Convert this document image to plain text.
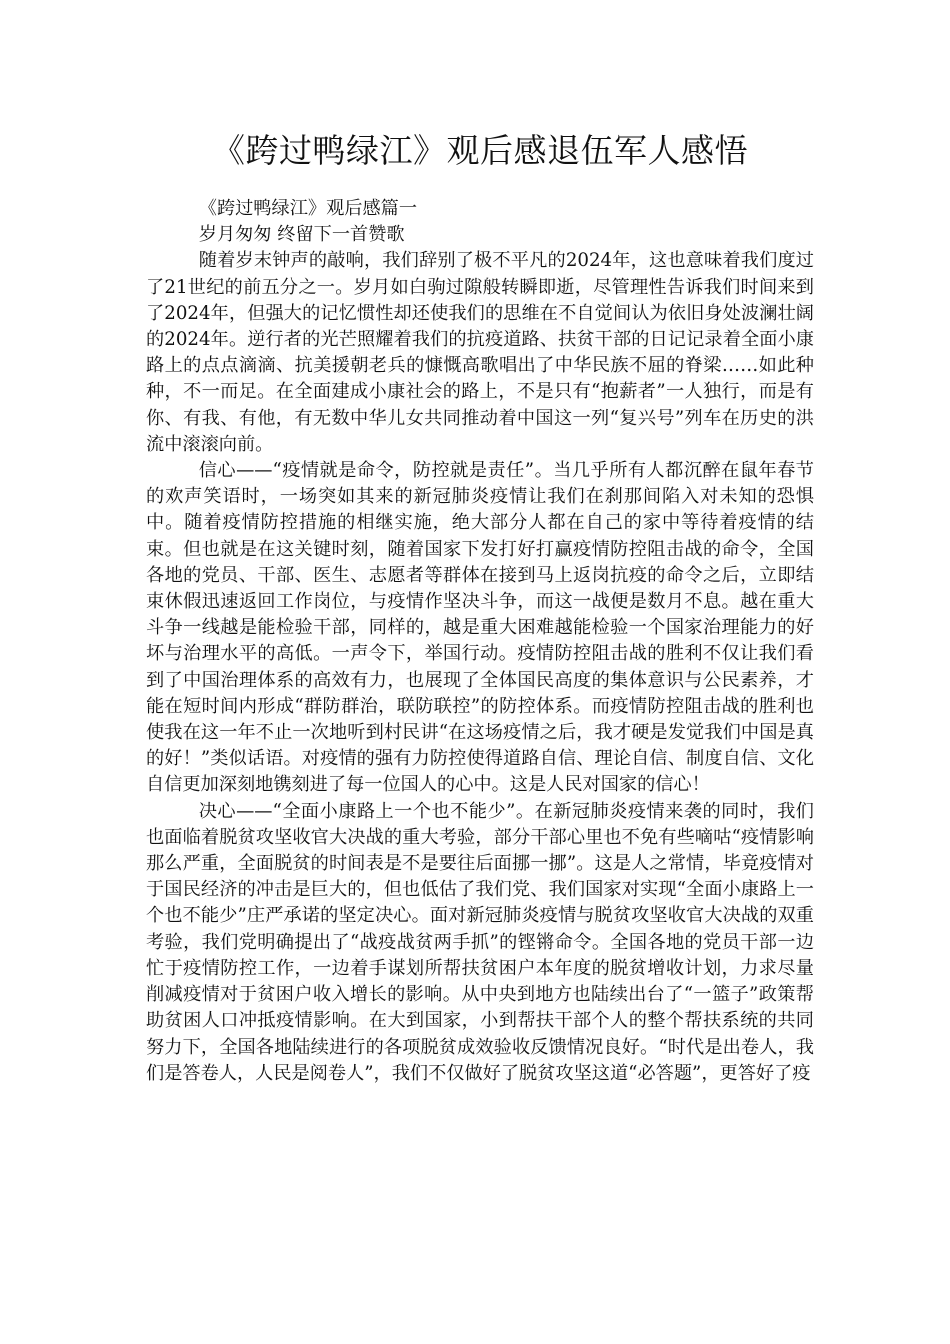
《跨过鸭绿江》观后感退伍军人感悟

《跨过鸭绿江》观后感篇一

岁月匆匆 终留下一首赞歌

随着岁末钟声的敲响，我们辞别了极不平凡的2024年，这也意味着我们度过了21世纪的前五分之一。岁月如白驹过隙般转瞬即逝，尽管理性告诉我们时间来到了2024年，但强大的记忆惯性却还使我们的思维在不自觉间认为依旧身处波澜壮阔的2024年。逆行者的光芒照耀着我们的抗疫道路、扶贫干部的日记记录着全面小康路上的点点滴滴、抗美援朝老兵的慷慨高歌唱出了中华民族不屈的脊梁……如此种种，不一而足。在全面建成小康社会的路上，不是只有“抱薪者”一人独行，而是有你、有我、有他，有无数中华儿女共同推动着中国这一列“复兴号”列车在历史的洪流中滚滚向前。

信心——“疫情就是命令，防控就是责任”。当几乎所有人都沉醉在鼠年春节的欢声笑语时，一场突如其来的新冠肺炎疫情让我们在刹那间陷入对未知的恐惧中。随着疫情防控措施的相继实施，绝大部分人都在自己的家中等待着疫情的结束。但也就是在这关键时刻，随着国家下发打好打赢疫情防控阻击战的命令，全国各地的党员、干部、医生、志愿者等群体在接到马上返岗抗疫的命令之后，立即结束休假迅速返回工作岗位，与疫情作坚决斗争，而这一战便是数月不息。越在重大斗争一线越是能检验干部，同样的，越是重大困难越能检验一个国家治理能力的好坏与治理水平的高低。一声令下，举国行动。疫情防控阻击战的胜利不仅让我们看到了中国治理体系的高效有力，也展现了全体国民高度的集体意识与公民素养，才能在短时间内形成“群防群治，联防联控”的防控体系。而疫情防控阻击战的胜利也使我在这一年不止一次地听到村民讲“在这场疫情之后，我才硬是发觉我们中国是真的好！”类似话语。对疫情的强有力防控使得道路自信、理论自信、制度自信、文化自信更加深刻地镌刻进了每一位国人的心中。这是人民对国家的信心！

决心——“全面小康路上一个也不能少”。在新冠肺炎疫情来袭的同时，我们也面临着脱贫攻坚收官大决战的重大考验，部分干部心里也不免有些嘀咕“疫情影响那么严重，全面脱贫的时间表是不是要往后面挪一挪”。这是人之常情，毕竟疫情对于国民经济的冲击是巨大的，但也低估了我们党、我们国家对实现“全面小康路上一个也不能少”庄严承诺的坚定决心。面对新冠肺炎疫情与脱贫攻坚收官大决战的双重考验，我们党明确提出了“战疫战贫两手抓”的铿锵命令。全国各地的党员干部一边忙于疫情防控工作，一边着手谋划所帮扶贫困户本年度的脱贫增收计划，力求尽量削减疫情对于贫困户收入增长的影响。从中央到地方也陆续出台了“一篮子”政策帮助贫困人口冲抵疫情影响。在大到国家，小到帮扶干部个人的整个帮扶系统的共同努力下，全国各地陆续进行的各项脱贫成效验收反馈情况良好。“时代是出卷人，我们是答卷人，人民是阅卷人”，我们不仅做好了脱贫攻坚这道“必答题”，更答好了疫
